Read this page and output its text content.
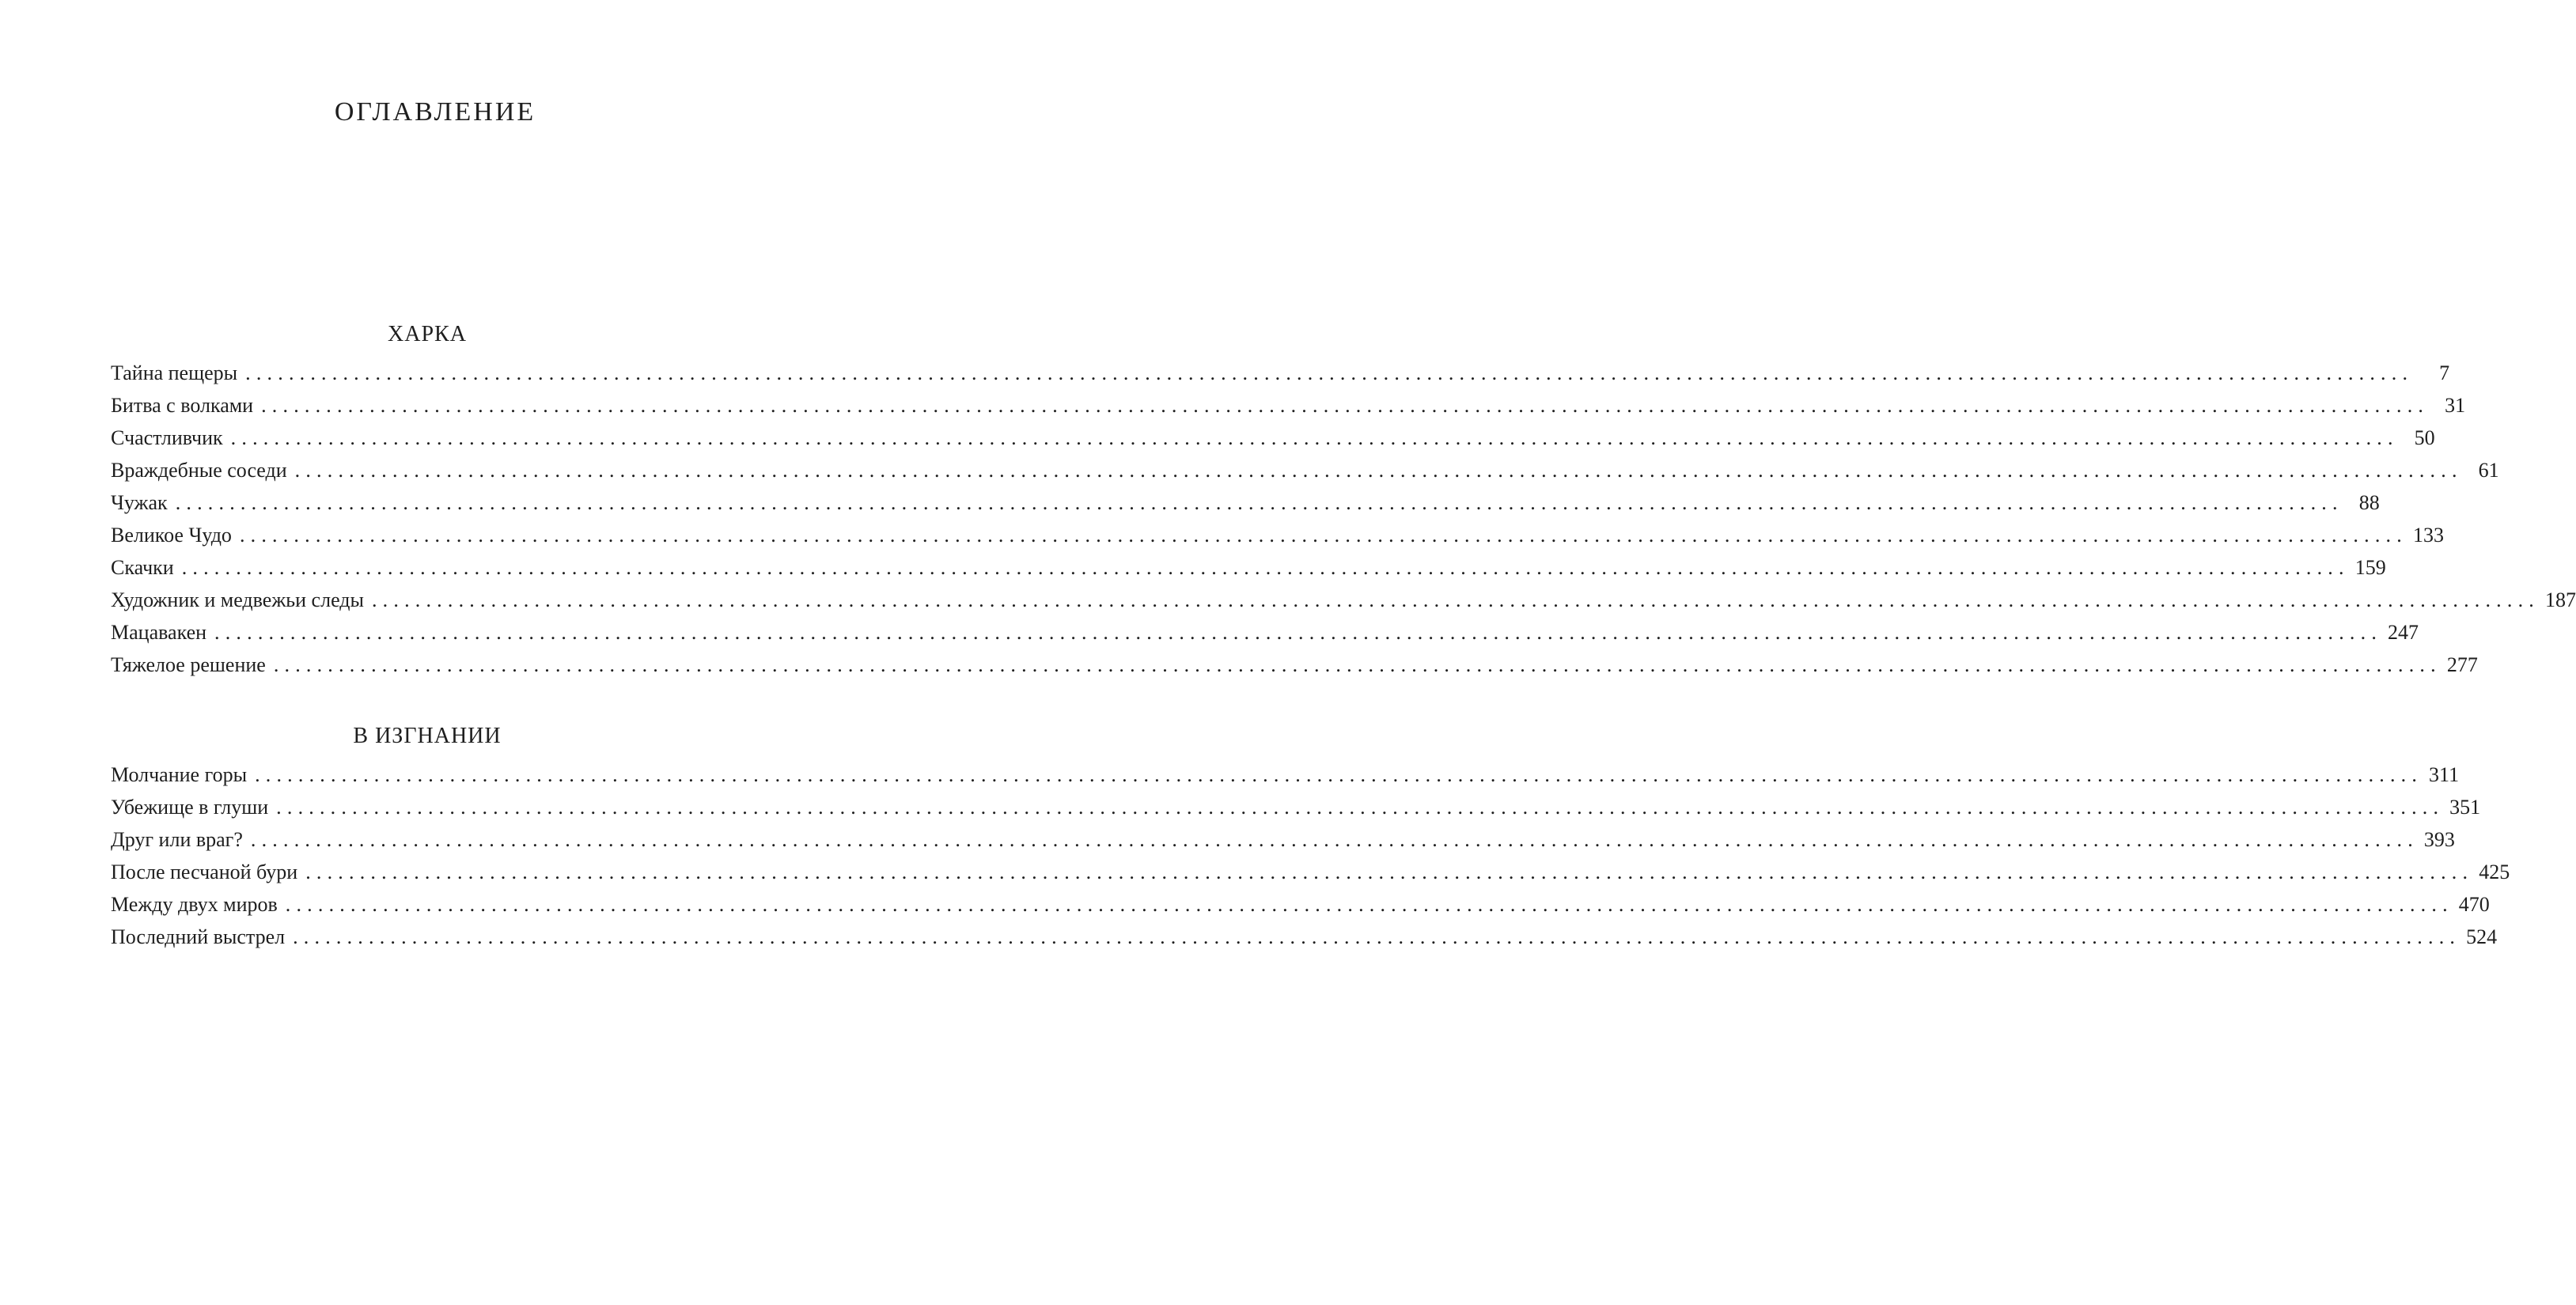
ОГЛАВЛЕНИЕ
ХАРКА
Тайна пещеры ........................................................................................................................................................................................................	7
Битва с волками ........................................................................................................................................................................................................ 31
Счастливчик ........................................................................................................................................................................................................ 50
Враждебные соседи ........................................................................................................................................................................................................ 61
Чужак ........................................................................................................................................................................................................ 88
Великое Чудо ........................................................................................................................................................................................................ 133
Скачки ........................................................................................................................................................................................................ 159
Художник и медвежьи следы ........................................................................................................................................................................................................ 187
Мацавакен ........................................................................................................................................................................................................ 247
Тяжелое решение ........................................................................................................................................................................................................ 277
В ИЗГНАНИИ
Молчание горы ........................................................................................................................................................................................................ 311
Убежище в глуши ........................................................................................................................................................................................................ 351
Друг или враг? ........................................................................................................................................................................................................ 393
После песчаной бури ........................................................................................................................................................................................................ 425
Между двух миров ........................................................................................................................................................................................................ 470
Последний выстрел ........................................................................................................................................................................................................ 524
